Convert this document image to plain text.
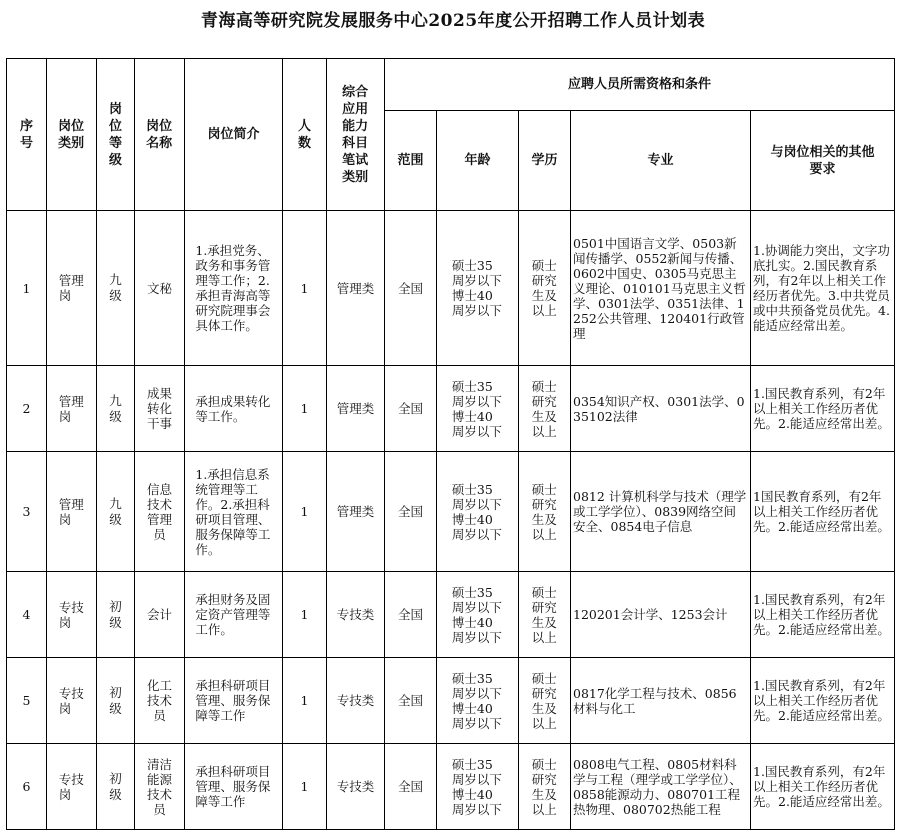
青海高等研究院发展服务中心2025年度公开招聘工作人员计划表
序号	岗位类别	岗位等级	岗位名称	岗位简介	人数	综合应用能力科目笔试类别	应聘人员所需资格和条件				
							范围	年龄	学历	专业	与岗位相关的其他要求

1	管理岗	九级	文秘	1.承担党务、政务和事务管理等工作；2.承担青海高等研究院理事会具体工作。	1	管理类	全国	硕士35周岁以下博士40周岁以下	硕士研究生及以上	0501中国语言文学、0503新闻传播学、0552新闻与传播、0602中国史、0305马克思主义理论、010101马克思主义哲学、0301法学、0351法律、1252公共管理、120401行政管理	1.协调能力突出，文字功底扎实。2.国民教育系列，有2年以上相关工作经历者优先。3.中共党员或中共预备党员优先。4.能适应经常出差。
2	管理岗	九级	成果转化干事	承担成果转化等工作。	1	管理类	全国	硕士35周岁以下博士40周岁以下	硕士研究生及以上	0354知识产权、0301法学、035102法律	1.国民教育系列，有2年以上相关工作经历者优先。2.能适应经常出差。
3	管理岗	九级	信息技术管理员	1.承担信息系统管理等工作。2.承担科研项目管理、服务保障等工作。	1	管理类	全国	硕士35周岁以下博士40周岁以下	硕士研究生及以上	0812 计算机科学与技术（理学或工学学位）、0839网络空间安全、0854电子信息	1国民教育系列，有2年以上相关工作经历者优先。2.能适应经常出差。
4	专技岗	初级	会计	承担财务及固定资产管理等工作。	1	专技类	全国	硕士35周岁以下博士40周岁以下	硕士研究生及以上	120201会计学、1253会计	1.国民教育系列，有2年以上相关工作经历者优先。2.能适应经常出差。
5	专技岗	初级	化工技术员	承担科研项目管理、服务保障等工作	1	专技类	全国	硕士35周岁以下博士40周岁以下	硕士研究生及以上	0817化学工程与技术、0856材料与化工	1.国民教育系列，有2年以上相关工作经历者优先。2.能适应经常出差。
6	专技岗	初级	清洁能源技术员	承担科研项目管理、服务保障等工作	1	专技类	全国	硕士35周岁以下博士40周岁以下	硕士研究生及以上	0808电气工程、0805材料科学与工程（理学或工学学位）、0858能源动力、080701工程热物理、080702热能工程	1.国民教育系列，有2年以上相关工作经历者优先。2.能适应经常出差。
